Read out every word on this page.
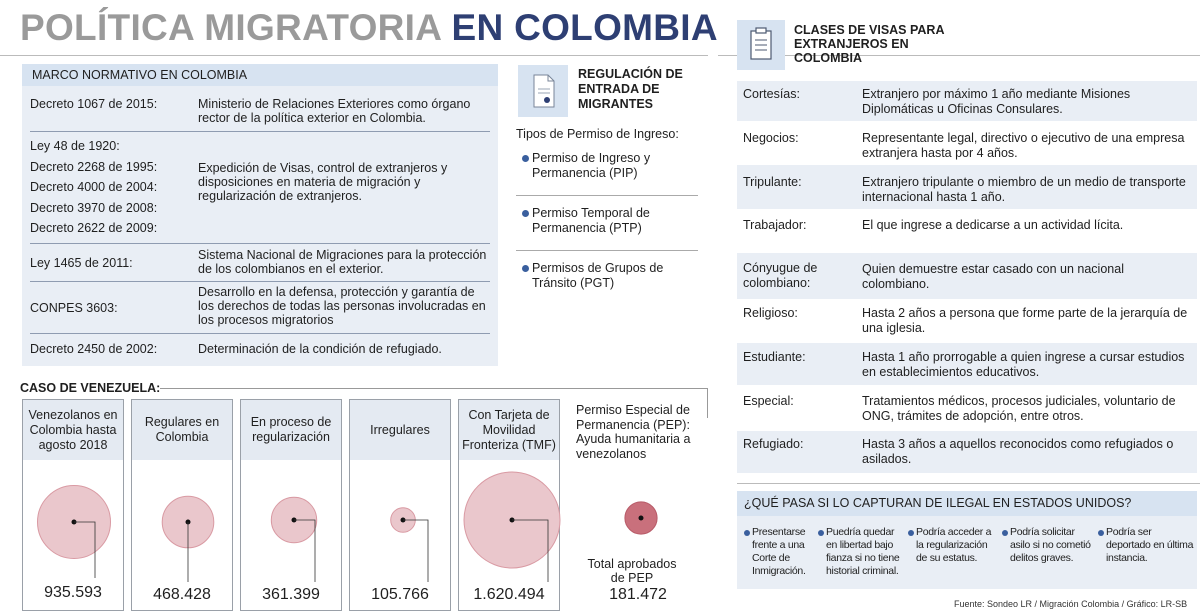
POLÍTICA MIGRATORIA EN COLOMBIA
MARCO NORMATIVO EN COLOMBIA
Decreto 1067 de 2015:	Ministerio de Relaciones Exteriores como órgano rector de la política exterior en Colombia.
Ley 48 de 1920:
Decreto 2268 de 1995:
Decreto 4000 de 2004:
Decreto 3970 de 2008:
Decreto 2622 de 2009:
Expedición de Visas, control de extranjeros y disposiciones en materia de migración y regularización de extranjeros.
Ley 1465 de 2011:
Sistema Nacional de Migraciones para la protección de los colombianos en el exterior.
CONPES 3603:
Desarrollo en la defensa, protección y garantía de los derechos de todas las personas involucradas en los procesos migratorios
Decreto 2450 de 2002:	Determinación de la condición de refugiado.
REGULACIÓN DE ENTRADA DE MIGRANTES
Tipos de Permiso de Ingreso:
Permiso de Ingreso y Permanencia (PIP)
Permiso Temporal de Permanencia (PTP)
Permisos de Grupos de Tránsito (PGT)
CASO DE VENEZUELA:
Venezolanos en Colombia hasta agosto 2018
Regulares en Colombia
En proceso de regularización
Irregulares
Con Tarjeta de Movilidad Fronteriza (TMF)
Permiso Especial de Permanencia (PEP): Ayuda humanitaria a venezolanos
Total aprobados de PEP
935.593	468.428	361.399	105.766	1.620.494	181.472
CLASES DE VISAS PARA EXTRANJEROS EN COLOMBIA
Cortesías:	Extranjero por máximo 1 año mediante Misiones Diplomáticas u Oficinas Consulares.
Negocios:	Representante legal, directivo o ejecutivo de una empresa extranjera hasta por 4 años.
Tripulante:	Extranjero tripulante o miembro de un medio de transporte internacional hasta 1 año.
Trabajador:	El que ingrese a dedicarse a un actividad lícita.
Cónyugue de colombiano:
Quien demuestre estar casado con un nacional colombiano.
Religioso:	Hasta 2 años a persona que forme parte de la jerarquía de una iglesia.
Estudiante:	Hasta 1 año prorrogable a quien ingrese a cursar estudios en establecimientos educativos.
Especial:	Tratamientos médicos, procesos judiciales, voluntario de ONG, trámites de adopción, entre otros.
Refugiado:	Hasta 3 años a aquellos reconocidos como refugiados o asilados.
¿QUÉ PASA SI LO CAPTURAN DE ILEGAL EN ESTADOS UNIDOS?
Presentarse frente a una Corte de Inmigración.
Puedría quedar en libertad bajo fianza si no tiene historial criminal.
Podría acceder a la regularización de su estatus.
Podría solicitar asilo si no cometió delitos graves.
Podría ser deportado en última instancia.
Fuente: Sondeo LR / Migración Colombia / Gráfico: LR-SB
